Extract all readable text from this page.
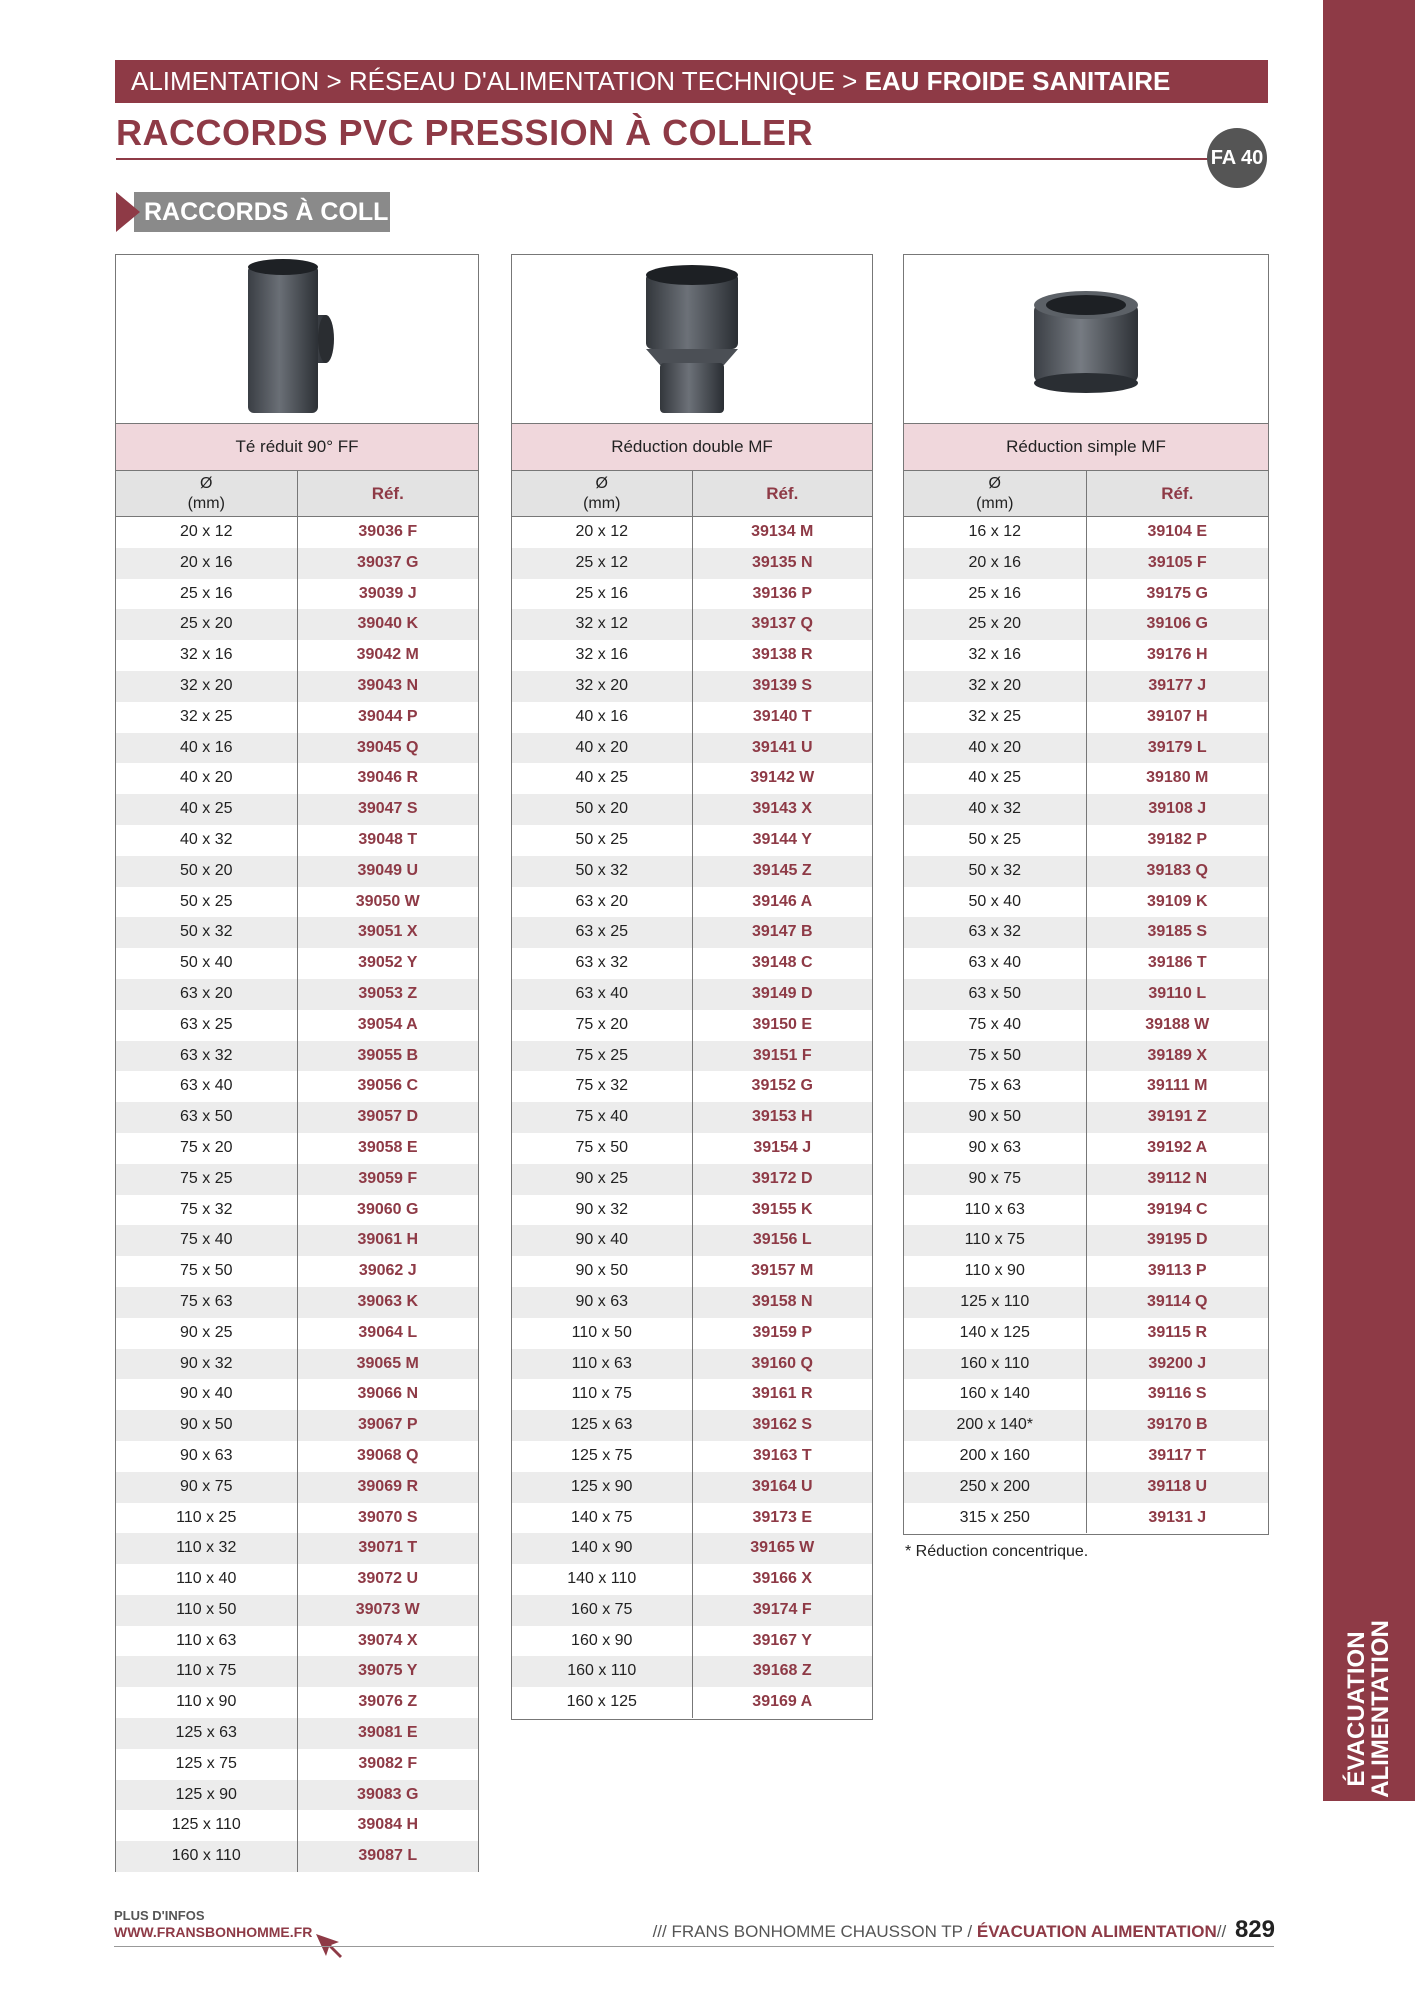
ÉVACUATION
ALIMENTATION
ALIMENTATION > RÉSEAU D'ALIMENTATION TECHNIQUE > EAU FROIDE SANITAIRE
RACCORDS PVC PRESSION À COLLER
FA 40
RACCORDS À COLLER
Té réduit 90° FF
Ø
(mm)
Réf.
20 x 12	39036 F
20 x 16	39037 G
25 x 16	39039 J
25 x 20	39040 K
32 x 16	39042 M
32 x 20	39043 N
32 x 25	39044 P
40 x 16	39045 Q
40 x 20	39046 R
40 x 25	39047 S
40 x 32	39048 T
50 x 20	39049 U
50 x 25	39050 W
50 x 32	39051 X
50 x 40	39052 Y
63 x 20	39053 Z
63 x 25	39054 A
63 x 32	39055 B
63 x 40	39056 C
63 x 50	39057 D
75 x 20	39058 E
75 x 25	39059 F
75 x 32	39060 G
75 x 40	39061 H
75 x 50	39062 J
75 x 63	39063 K
90 x 25	39064 L
90 x 32	39065 M
90 x 40	39066 N
90 x 50	39067 P
90 x 63	39068 Q
90 x 75	39069 R
110 x 25	39070 S
110 x 32	39071 T
110 x 40	39072 U
110 x 50	39073 W
110 x 63	39074 X
110 x 75	39075 Y
110 x 90	39076 Z
125 x 63	39081 E
125 x 75	39082 F
125 x 90	39083 G
125 x 110	39084 H
160 x 110	39087 L
Réduction double MF
Ø
(mm)
Réf.
20 x 12	39134 M
25 x 12	39135 N
25 x 16	39136 P
32 x 12	39137 Q
32 x 16	39138 R
32 x 20	39139 S
40 x 16	39140 T
40 x 20	39141 U
40 x 25	39142 W
50 x 20	39143 X
50 x 25	39144 Y
50 x 32	39145 Z
63 x 20	39146 A
63 x 25	39147 B
63 x 32	39148 C
63 x 40	39149 D
75 x 20	39150 E
75 x 25	39151 F
75 x 32	39152 G
75 x 40	39153 H
75 x 50	39154 J
90 x 25	39172 D
90 x 32	39155 K
90 x 40	39156 L
90 x 50	39157 M
90 x 63	39158 N
110 x 50	39159 P
110 x 63	39160 Q
110 x 75	39161 R
125 x 63	39162 S
125 x 75	39163 T
125 x 90	39164 U
140 x 75	39173 E
140 x 90	39165 W
140 x 110	39166 X
160 x 75	39174 F
160 x 90	39167 Y
160 x 110	39168 Z
160 x 125	39169 A
Réduction simple MF
Ø
(mm)
Réf.
16 x 12	39104 E
20 x 16	39105 F
25 x 16	39175 G
25 x 20	39106 G
32 x 16	39176 H
32 x 20	39177 J
32 x 25	39107 H
40 x 20	39179 L
40 x 25	39180 M
40 x 32	39108 J
50 x 25	39182 P
50 x 32	39183 Q
50 x 40	39109 K
63 x 32	39185 S
63 x 40	39186 T
63 x 50	39110 L
75 x 40	39188 W
75 x 50	39189 X
75 x 63	39111 M
90 x 50	39191 Z
90 x 63	39192 A
90 x 75	39112 N
110 x 63	39194 C
110 x 75	39195 D
110 x 90	39113 P
125 x 110	39114 Q
140 x 125	39115 R
160 x 110	39200 J
160 x 140	39116 S
200 x 140*	39170 B
200 x 160	39117 T
250 x 200	39118 U
315 x 250	39131 J
* Réduction concentrique.
PLUS D'INFOS
WWW.FRANSBONHOMME.FR	/// FRANS BONHOMME CHAUSSON TP / ÉVACUATION ALIMENTATION// 829
